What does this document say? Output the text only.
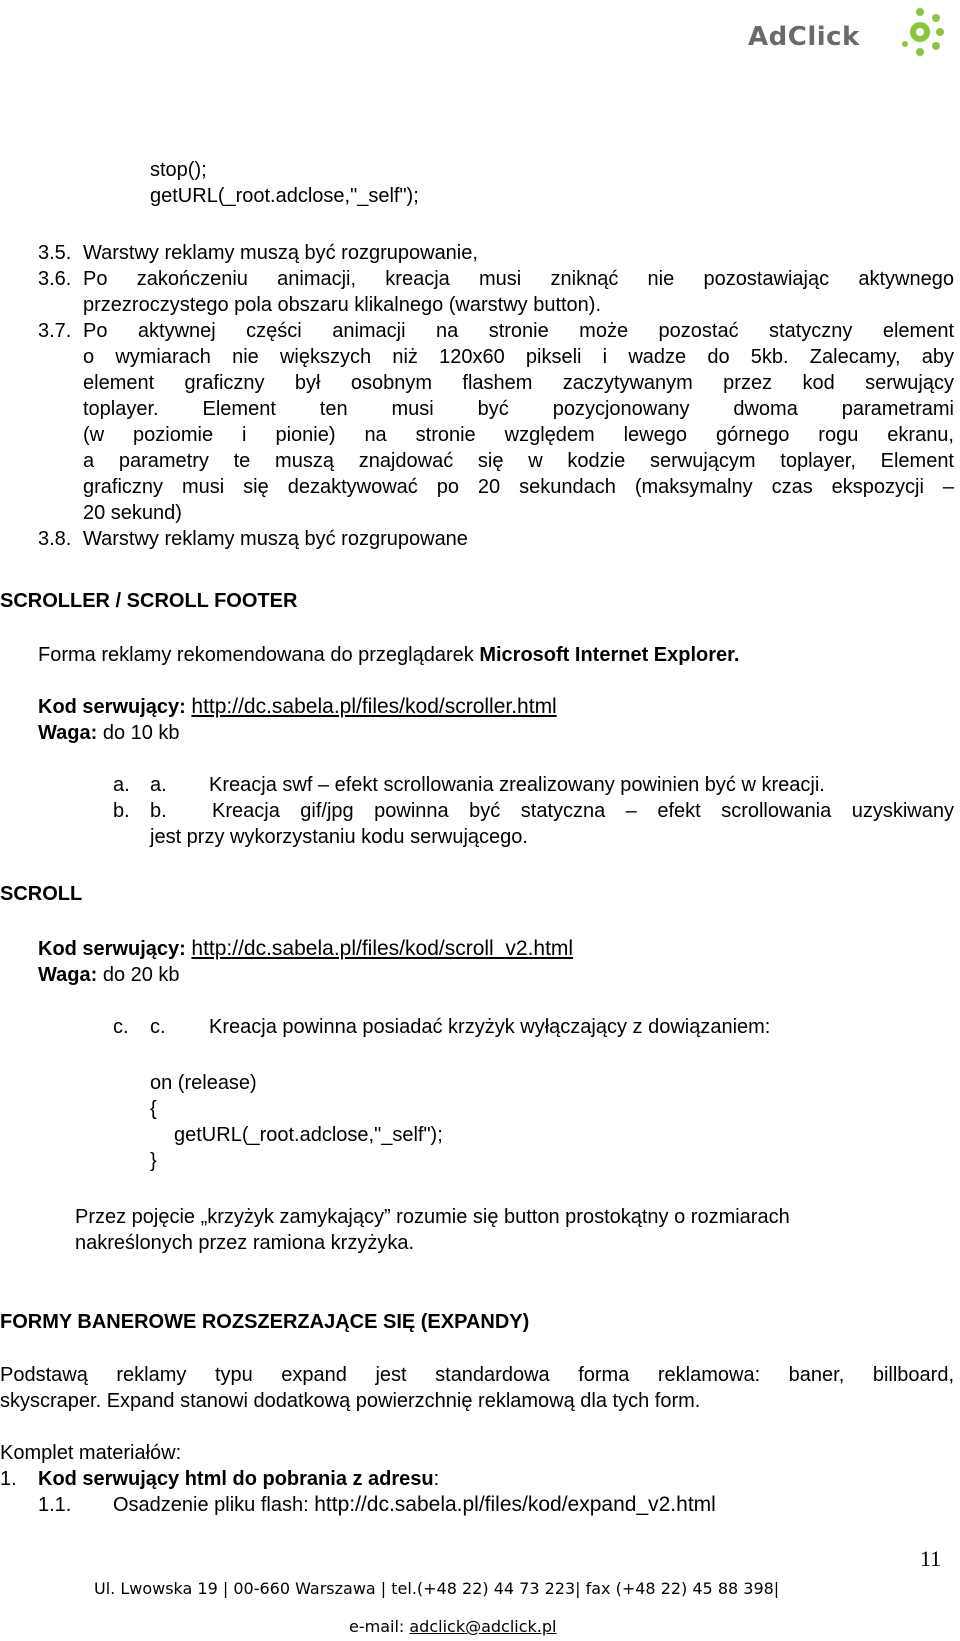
AdClick
stop();
getURL(_root.adclose,"_self");
3.5. Warstwy reklamy muszą być rozgrupowanie,
3.6. Po zakończeniu animacji, kreacja musi zniknąć nie pozostawiając aktywnego
przezroczystego pola obszaru klikalnego (warstwy button).
3.7. Po aktywnej części animacji na stronie może pozostać statyczny element
o wymiarach nie większych niż 120x60 pikseli i wadze do 5kb. Zalecamy, aby
element graficzny był osobnym flashem zaczytywanym przez kod serwujący
toplayer. Element ten musi być pozycjonowany dwoma parametrami
(w poziomie i pionie) na stronie względem lewego górnego rogu ekranu,
a parametry te muszą znajdować się w kodzie serwującym toplayer, Element
graficzny musi się dezaktywować po 20 sekundach (maksymalny czas ekspozycji –
20 sekund)
3.8. Warstwy reklamy muszą być rozgrupowane
SCROLLER / SCROLL FOOTER
Forma reklamy rekomendowana do przeglądarek Microsoft Internet Explorer.
Kod serwujący: http://dc.sabela.pl/files/kod/scroller.html
Waga: do 10 kb
a. a. Kreacja swf – efekt scrollowania zrealizowany powinien być w kreacji.
b. b. Kreacja gif/jpg powinna być statyczna – efekt scrollowania uzyskiwany
jest przy wykorzystaniu kodu serwującego.
SCROLL
Kod serwujący: http://dc.sabela.pl/files/kod/scroll_v2.html
Waga: do 20 kb
c. c. Kreacja powinna posiadać krzyżyk wyłączający z dowiązaniem:
on (release)
{
getURL(_root.adclose,"_self");
}
Przez pojęcie „krzyżyk zamykający” rozumie się button prostokątny o rozmiarach
nakreślonych przez ramiona krzyżyka.
FORMY BANEROWE ROZSZERZAJĄCE SIĘ (EXPANDY)
Podstawą reklamy typu expand jest standardowa forma reklamowa: baner, billboard,
skyscraper. Expand stanowi dodatkową powierzchnię reklamową dla tych form.
Komplet materiałów:
1. Kod serwujący html do pobrania z adresu:
1.1. Osadzenie pliku flash: http://dc.sabela.pl/files/kod/expand_v2.html
11
Ul. Lwowska 19 | 00-660 Warszawa | tel.(+48 22) 44 73 223| fax (+48 22) 45 88 398|
e-mail: adclick@adclick.pl
